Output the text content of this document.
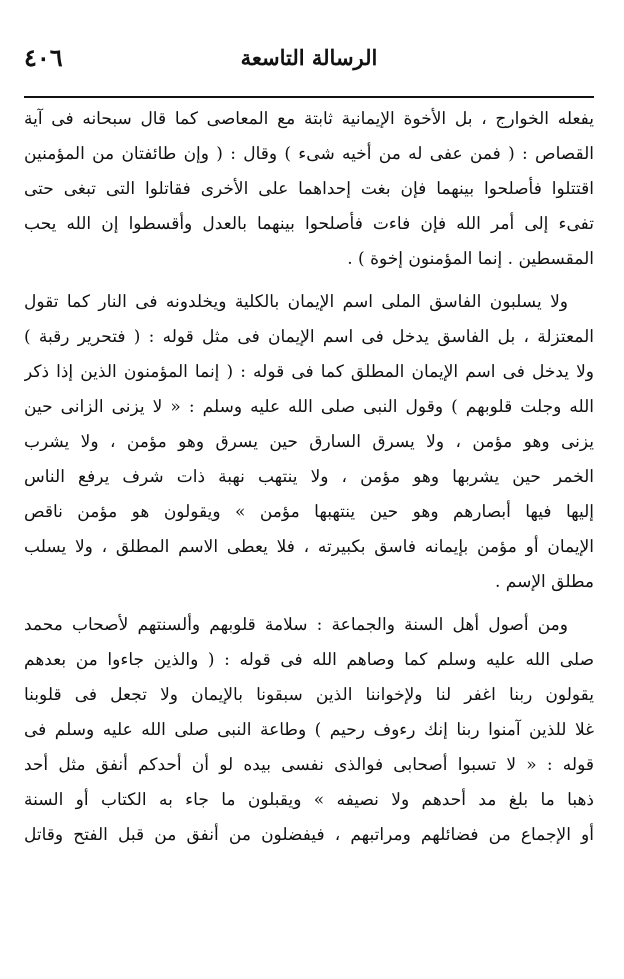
الرسالة التاسعة
٤٠٦
يفعله الخوارج ، بل الأخوة الإيمانية ثابتة مع المعاصى كما قال سبحانه فى آية
القصاص : ( فمن عفى له من أخيه شىء ) وقال : ( وإن طائفتان من المؤمنين
اقتتلوا فأصلحوا بينهما فإن بغت إحداهما على الأخرى فقاتلوا التى تبغى حتى
تفىء إلى أمر الله فإن فاءت فأصلحوا بينهما بالعدل وأقسطوا إن الله يحب
المقسطين . إنما المؤمنون إخوة ) .
ولا يسلبون الفاسق الملى اسم الإيمان بالكلية ويخلدونه فى النار كما تقول
المعتزلة ، بل الفاسق يدخل فى اسم الإيمان فى مثل قوله : ( فتحرير رقبة )
ولا يدخل فى اسم الإيمان المطلق كما فى قوله : ( إنما المؤمنون الذين إذا ذكر
الله وجلت قلوبهم ) وقول النبى صلى الله عليه وسلم : « لا يزنى الزانى حين
يزنى وهو مؤمن ، ولا يسرق السارق حين يسرق وهو مؤمن ، ولا يشرب
الخمر حين يشربها وهو مؤمن ، ولا ينتهب نهبة ذات شرف يرفع الناس
إليها فيها أبصارهم وهو حين ينتهبها مؤمن » ويقولون هو مؤمن ناقص
الإيمان أو مؤمن بإيمانه فاسق بكبيرته ، فلا يعطى الاسم المطلق ، ولا يسلب
مطلق الإسم .
ومن أصول أهل السنة والجماعة : سلامة قلوبهم وألسنتهم لأصحاب محمد
صلى الله عليه وسلم كما وصاهم الله فى قوله : ( والذين جاءوا من بعدهم
يقولون ربنا اغفر لنا ولإخواننا الذين سبقونا بالإيمان ولا تجعل فى قلوبنا
غلا للذين آمنوا ربنا إنك رءوف رحيم ) وطاعة النبى صلى الله عليه وسلم فى
قوله : « لا تسبوا أصحابى فوالذى نفسى بيده لو أن أحدكم أنفق مثل أحد
ذهبا ما بلغ مد أحدهم ولا نصيفه » ويقبلون ما جاء به الكتاب أو السنة
أو الإجماع من فضائلهم ومراتبهم ، فيفضلون من أنفق من قبل الفتح وقاتل
